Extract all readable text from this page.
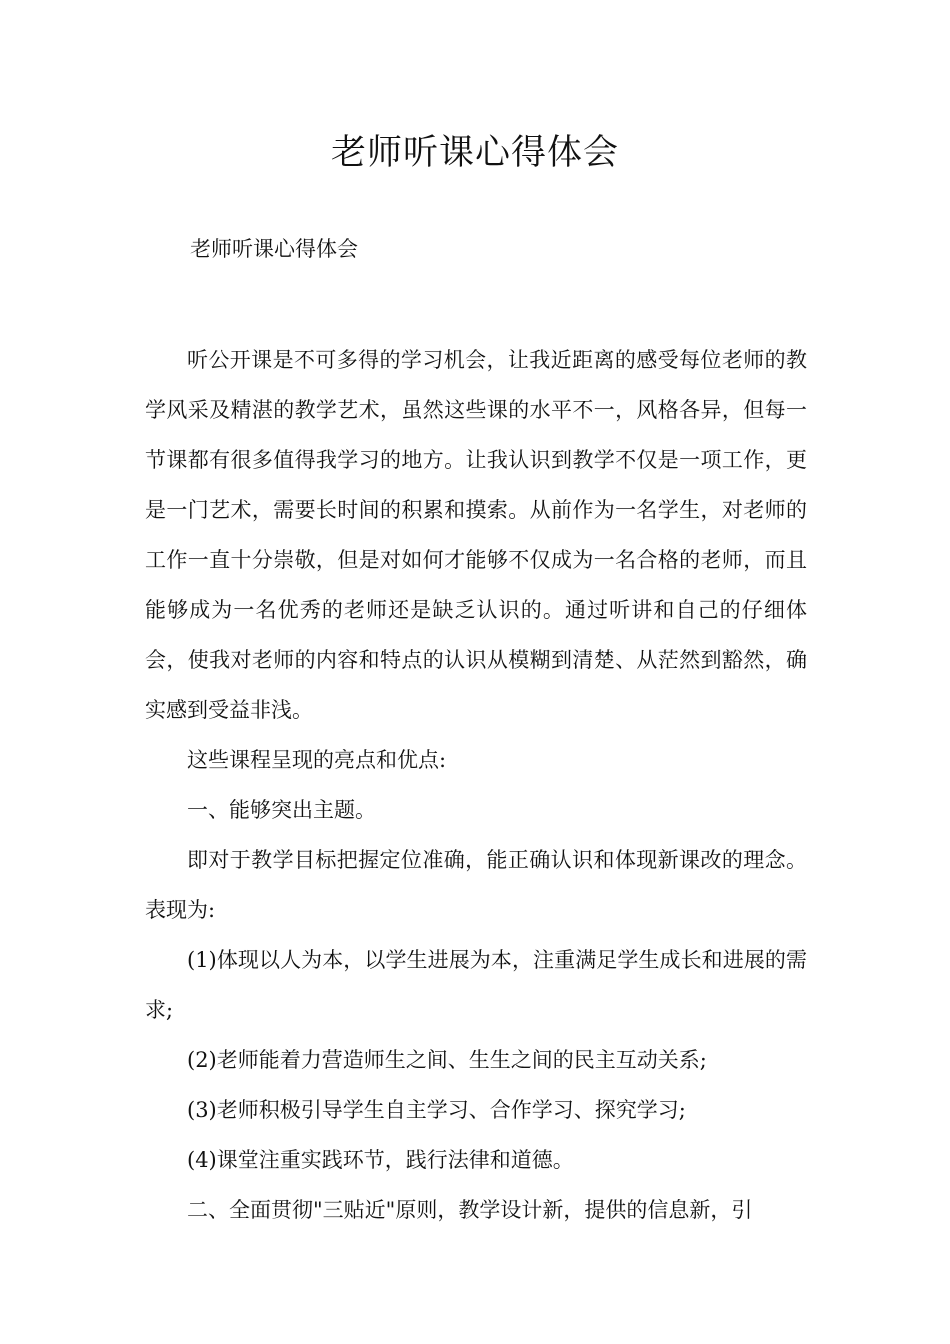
老师听课心得体会

老师听课心得体会

听公开课是不可多得的学习机会，让我近距离的感受每位老师的教学风采及精湛的教学艺术，虽然这些课的水平不一，风格各异，但每一节课都有很多值得我学习的地方。让我认识到教学不仅是一项工作，更是一门艺术，需要长时间的积累和摸索。从前作为一名学生，对老师的工作一直十分崇敬，但是对如何才能够不仅成为一名合格的老师，而且能够成为一名优秀的老师还是缺乏认识的。通过听讲和自己的仔细体会，使我对老师的内容和特点的认识从模糊到清楚、从茫然到豁然，确实感到受益非浅。

这些课程呈现的亮点和优点:

一、能够突出主题。

即对于教学目标把握定位准确，能正确认识和体现新课改的理念。表现为:

(1)体现以人为本，以学生进展为本，注重满足学生成长和进展的需求;

(2)老师能着力营造师生之间、生生之间的民主互动关系;

(3)老师积极引导学生自主学习、合作学习、探究学习;

(4)课堂注重实践环节，践行法律和道德。

二、全面贯彻"三贴近"原则，教学设计新，提供的信息新，引
